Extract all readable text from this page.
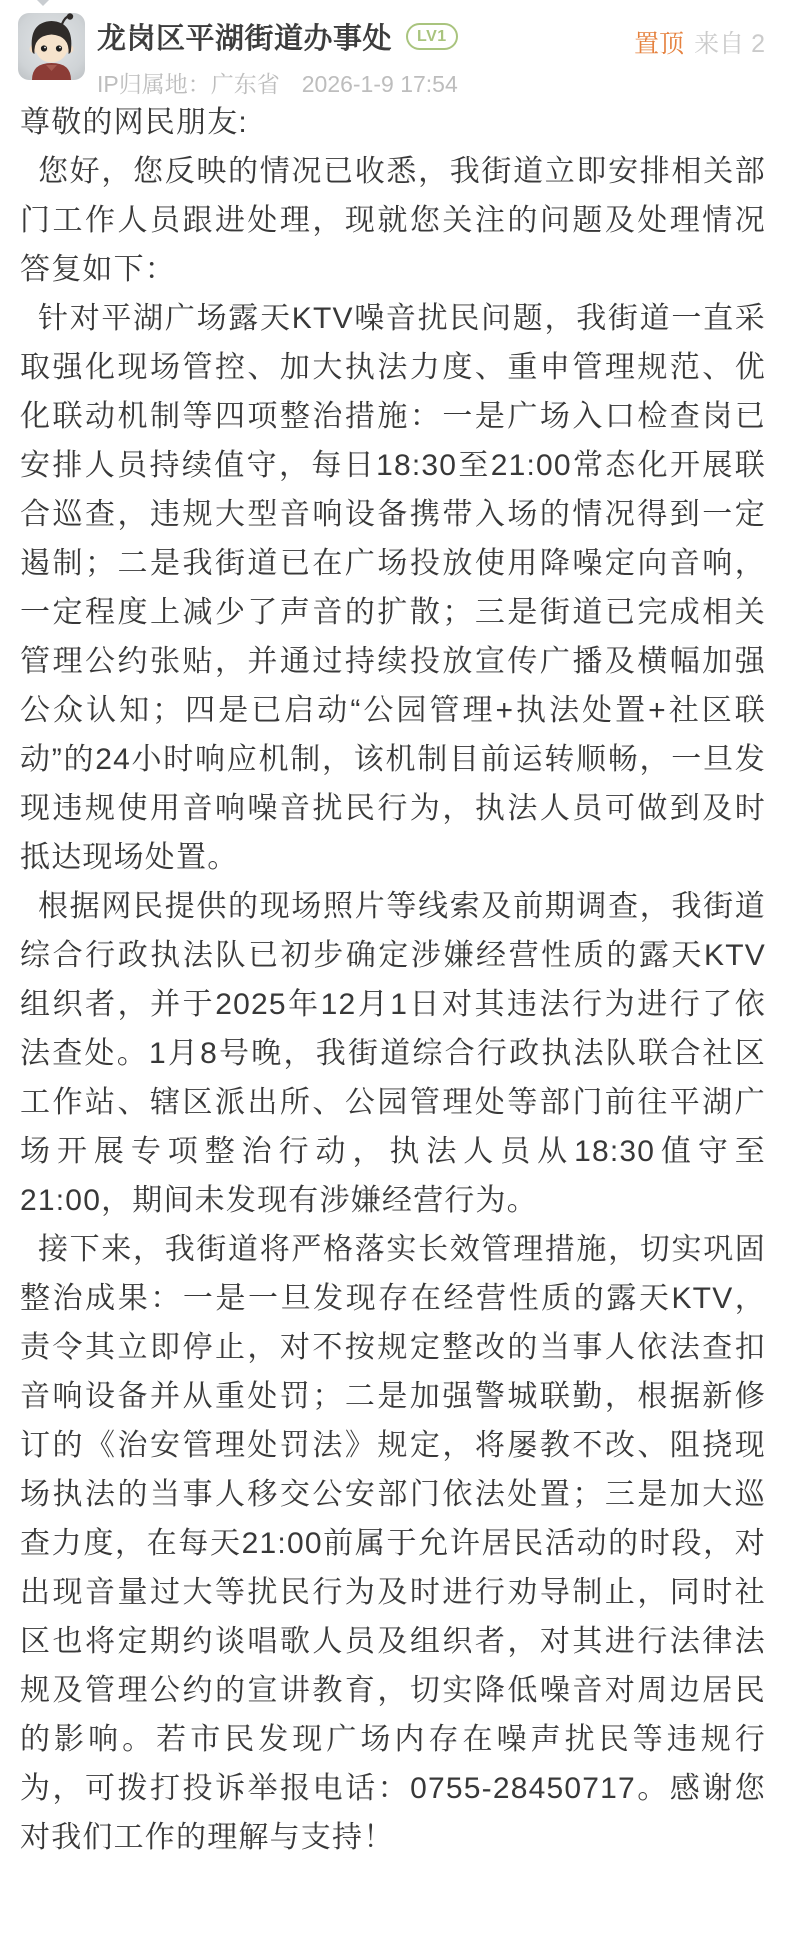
龙岗区平湖街道办事处	LV1
IP归属地：广东省 2026-1-9 17:54
置顶 来自 2

尊敬的网民朋友:

您好，您反映的情况已收悉，我街道立即安排相关部门工作人员跟进处理，现就您关注的问题及处理情况答复如下：

针对平湖广场露天KTV噪音扰民问题，我街道一直采取强化现场管控、加大执法力度、重申管理规范、优化联动机制等四项整治措施：一是广场入口检查岗已安排人员持续值守，每日18:30至21:00常态化开展联合巡查，违规大型音响设备携带入场的情况得到一定遏制；二是我街道已在广场投放使用降噪定向音响，一定程度上减少了声音的扩散；三是街道已完成相关管理公约张贴，并通过持续投放宣传广播及横幅加强公众认知；四是已启动“公园管理+执法处置+社区联动”的24小时响应机制，该机制目前运转顺畅，一旦发现违规使用音响噪音扰民行为，执法人员可做到及时抵达现场处置。

根据网民提供的现场照片等线索及前期调查，我街道综合行政执法队已初步确定涉嫌经营性质的露天KTV组织者，并于2025年12月1日对其违法行为进行了依法查处。1月8号晚，我街道综合行政执法队联合社区工作站、辖区派出所、公园管理处等部门前往平湖广场开展专项整治行动，执法人员从18:30值守至21:00，期间未发现有涉嫌经营行为。

接下来，我街道将严格落实长效管理措施，切实巩固整治成果：一是一旦发现存在经营性质的露天KTV，责令其立即停止，对不按规定整改的当事人依法查扣音响设备并从重处罚；二是加强警城联勤，根据新修订的《治安管理处罚法》规定，将屡教不改、阻挠现场执法的当事人移交公安部门依法处置；三是加大巡查力度，在每天21:00前属于允许居民活动的时段，对出现音量过大等扰民行为及时进行劝导制止，同时社区也将定期约谈唱歌人员及组织者，对其进行法律法规及管理公约的宣讲教育，切实降低噪音对周边居民的影响。若市民发现广场内存在噪声扰民等违规行为，可拨打投诉举报电话：0755-28450717。感谢您对我们工作的理解与支持！
